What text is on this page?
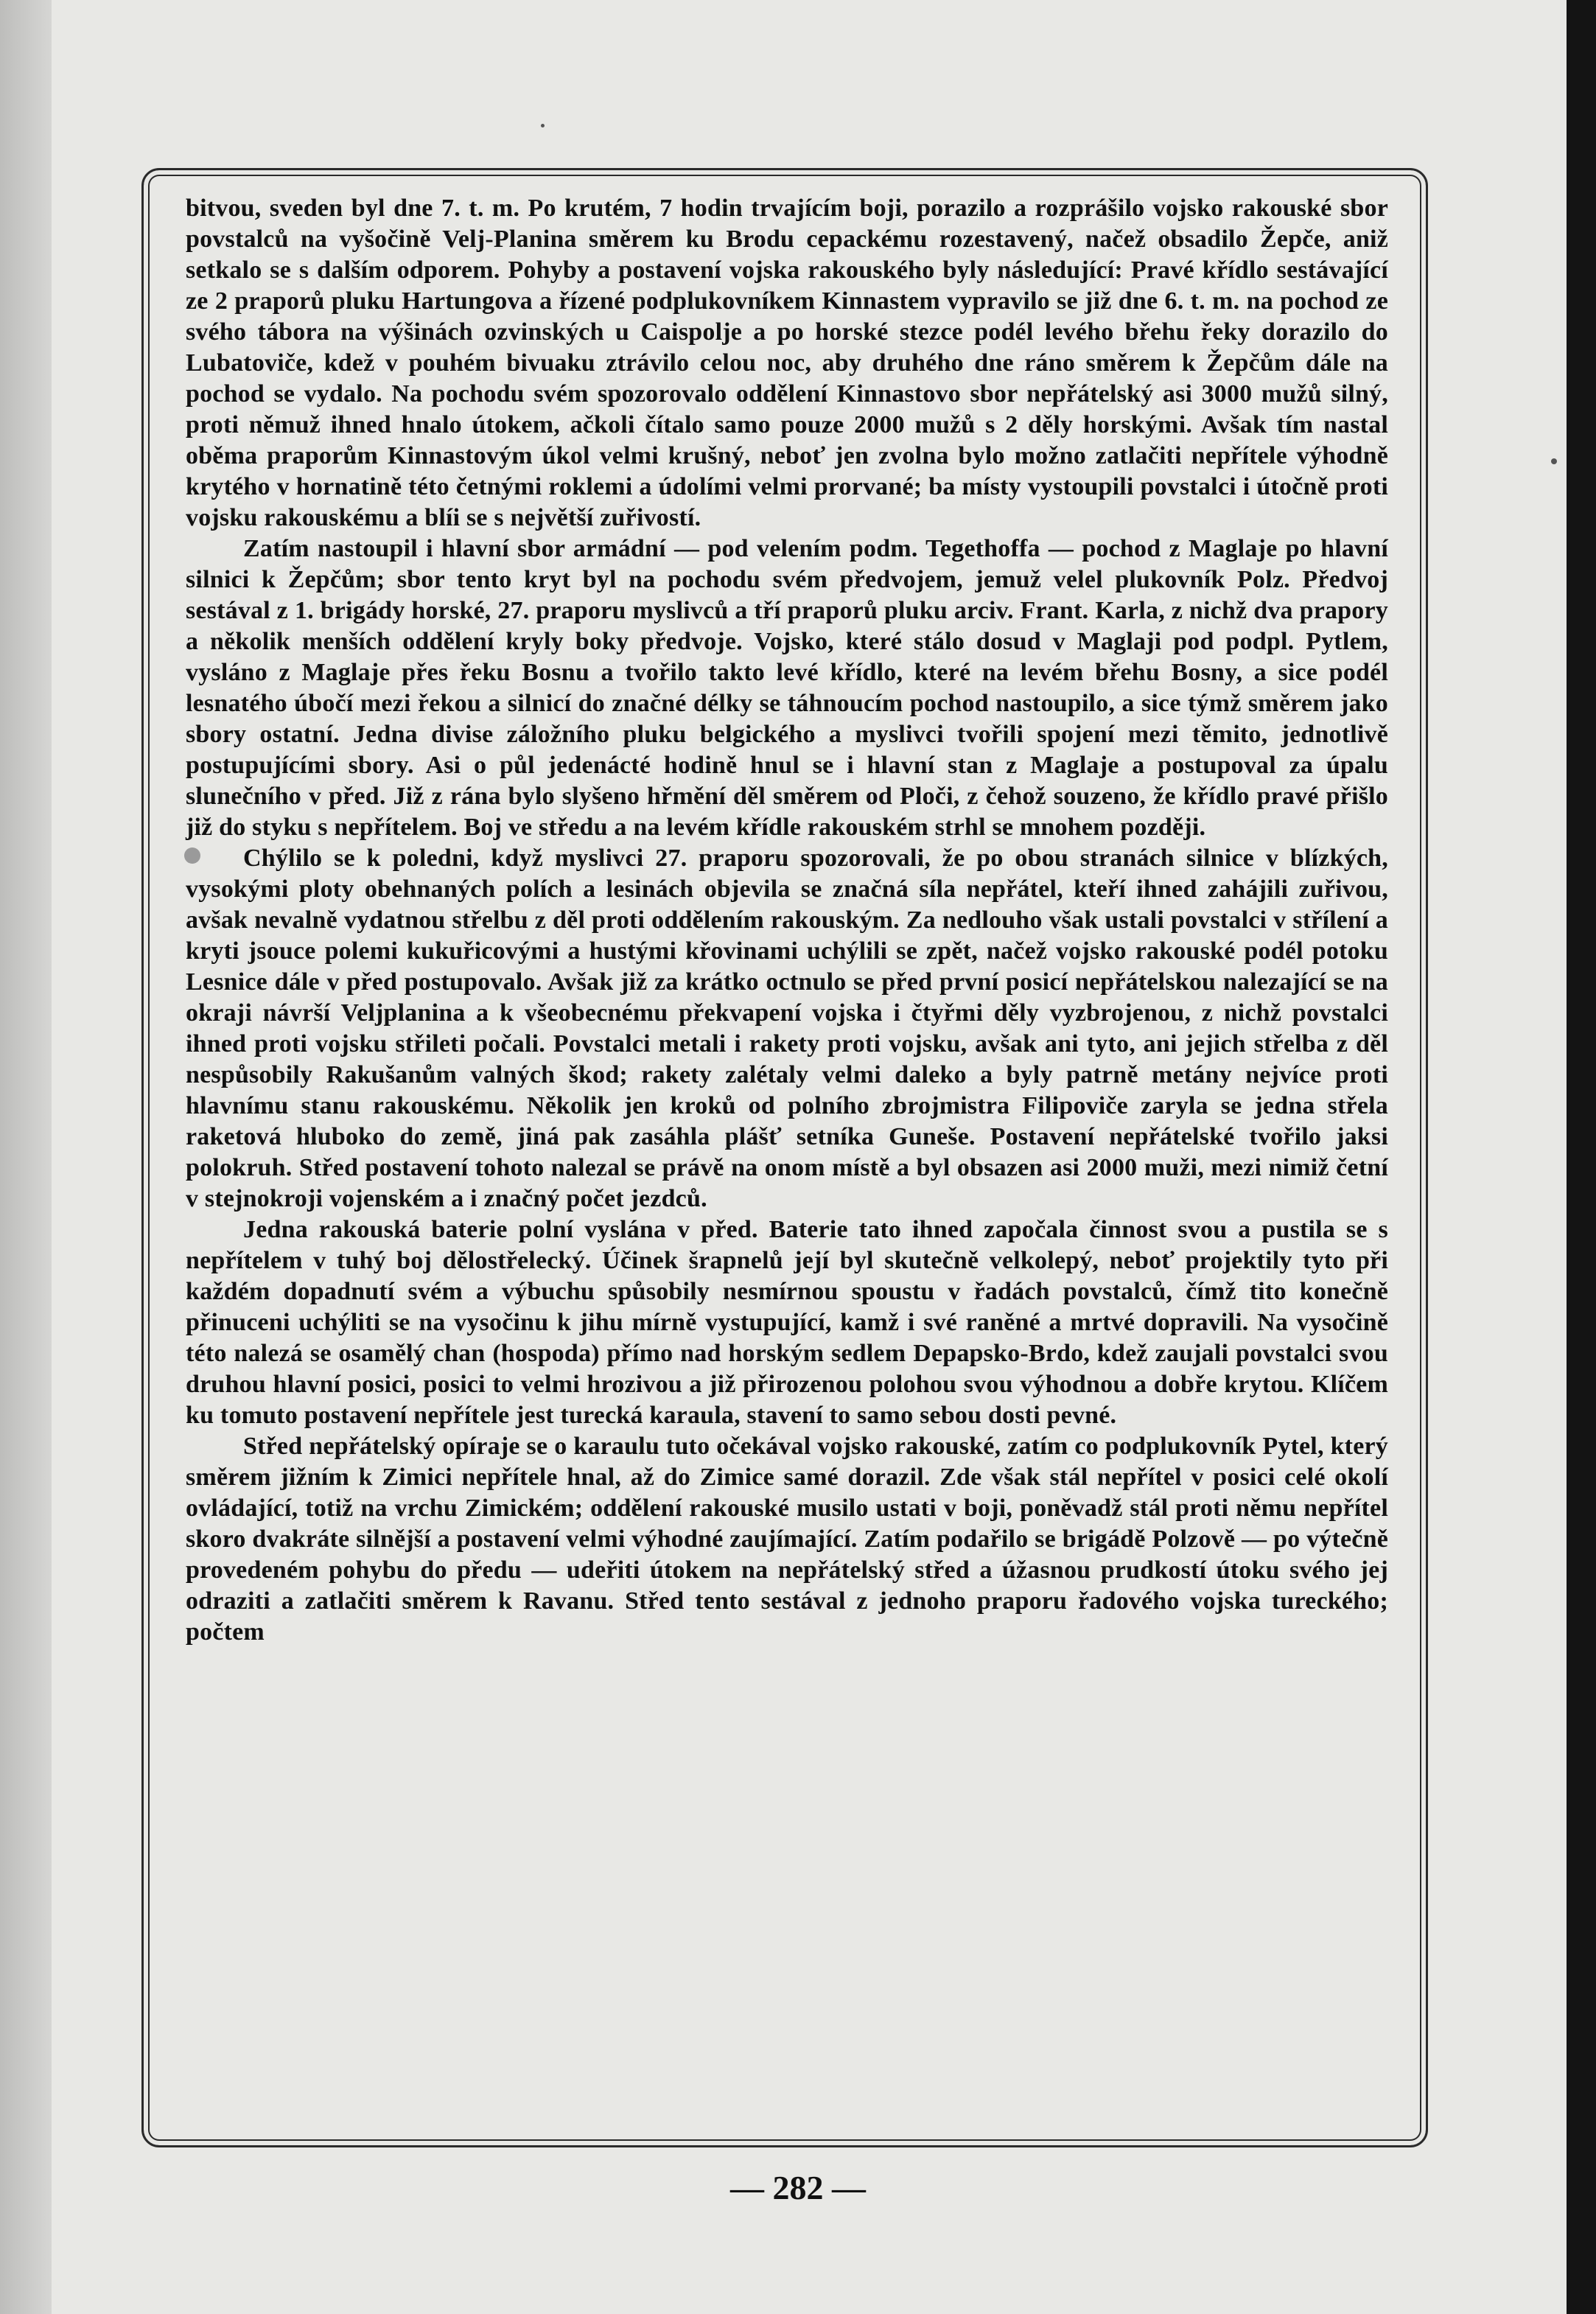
bitvou, sveden byl dne 7. t. m. Po krutém, 7 hodin trvajícím boji, porazilo a rozprášilo vojsko rakouské sbor povstalců na vyšočině Velj-Planina směrem ku Brodu cepackému rozestavený, načež obsadilo Žepče, aniž setkalo se s dalším odporem. Pohyby a postavení vojska rakouského byly následující: Pravé křídlo sestávající ze 2 praporů pluku Hartungova a řízené podplukovníkem Kinnastem vypravilo se již dne 6. t. m. na pochod ze svého tábora na výšinách ozvinských u Caispolje a po horské stezce podél levého břehu řeky dorazilo do Lubatoviče, kdež v pouhém bivuaku ztrávilo celou noc, aby druhého dne ráno směrem k Žepčům dále na pochod se vydalo. Na pochodu svém spozorovalo oddělení Kinnastovo sbor nepřátelský asi 3000 mužů silný, proti němuž ihned hnalo útokem, ačkoli čítalo samo pouze 2000 mužů s 2 děly horskými. Avšak tím nastal oběma praporům Kinnastovým úkol velmi krušný, neboť jen zvolna bylo možno zatlačiti nepřítele výhodně krytého v hornatině této četnými roklemi a údolími velmi prorvané; ba místy vystoupili povstalci i útočně proti vojsku rakouskému a blíi se s největší zuřivostí.

Zatím nastoupil i hlavní sbor armádní — pod velením podm. Tegethoffa — pochod z Maglaje po hlavní silnici k Žepčům; sbor tento kryt byl na pochodu svém předvojem, jemuž velel plukovník Polz. Předvoj sestával z 1. brigády horské, 27. praporu myslivců a tří praporů pluku arciv. Frant. Karla, z nichž dva prapory a několik menších oddělení kryly boky předvoje. Vojsko, které stálo dosud v Maglaji pod podpl. Pytlem, vysláno z Maglaje přes řeku Bosnu a tvořilo takto levé křídlo, které na levém břehu Bosny, a sice podél lesnatého úbočí mezi řekou a silnicí do značné délky se táhnoucím pochod nastoupilo, a sice týmž směrem jako sbory ostatní. Jedna divise záložního pluku belgického a myslivci tvořili spojení mezi těmito, jednotlivě postupujícími sbory. Asi o půl jedenácté hodině hnul se i hlavní stan z Maglaje a postupoval za úpalu slunečního v před. Již z rána bylo slyšeno hřmění děl směrem od Ploči, z čehož souzeno, že křídlo pravé přišlo již do styku s nepřítelem. Boj ve středu a na levém křídle rakouském strhl se mnohem později.

Chýlilo se k poledni, když myslivci 27. praporu spozorovali, že po obou stranách silnice v blízkých, vysokými ploty obehnaných polích a lesinách objevila se značná síla nepřátel, kteří ihned zahájili zuřivou, avšak nevalně vydatnou střelbu z děl proti oddělením rakouským. Za nedlouho však ustali povstalci v střílení a kryti jsouce polemi kukuřicovými a hustými křovinami uchýlili se zpět, načež vojsko rakouské podél potoku Lesnice dále v před postupovalo. Avšak již za krátko octnulo se před první posicí nepřátelskou nalezající se na okraji návrší Veljplanina a k všeobecnému překvapení vojska i čtyřmi děly vyzbrojenou, z nichž povstalci ihned proti vojsku střileti počali. Povstalci metali i rakety proti vojsku, avšak ani tyto, ani jejich střelba z děl nespůsobily Rakušanům valných škod; rakety zalétaly velmi daleko a byly patrně metány nejvíce proti hlavnímu stanu rakouskému. Několik jen kroků od polního zbrojmistra Filipoviče zaryla se jedna střela raketová hluboko do země, jiná pak zasáhla plášť setníka Guneše. Postavení nepřátelské tvořilo jaksi polokruh. Střed postavení tohoto nalezal se právě na onom místě a byl obsazen asi 2000 muži, mezi nimiž četní v stejnokroji vojenském a i značný počet jezdců.

Jedna rakouská baterie polní vyslána v před. Baterie tato ihned započala činnost svou a pustila se s nepřítelem v tuhý boj dělostřelecký. Účinek šrapnelů její byl skutečně velkolepý, neboť projektily tyto při každém dopadnutí svém a výbuchu spůsobily nesmírnou spoustu v řadách povstalců, čímž tito konečně přinuceni uchýliti se na vysočinu k jihu mírně vystupující, kamž i své raněné a mrtvé dopravili. Na vysočině této nalezá se osamělý chan (hospoda) přímo nad horským sedlem Depapsko-Brdo, kdež zaujali povstalci svou druhou hlavní posici, posici to velmi hrozivou a již přirozenou polohou svou výhodnou a dobře krytou. Klíčem ku tomuto postavení nepřítele jest turecká karaula, stavení to samo sebou dosti pevné.

Střed nepřátelský opíraje se o karaulu tuto očekával vojsko rakouské, zatím co podplukovník Pytel, který směrem jižním k Zimici nepřítele hnal, až do Zimice samé dorazil. Zde však stál nepřítel v posici celé okolí ovládající, totiž na vrchu Zimickém; oddělení rakouské musilo ustati v boji, poněvadž stál proti němu nepřítel skoro dvakráte silnější a postavení velmi výhodné zaujímající. Zatím podařilo se brigádě Polzově — po výtečně provedeném pohybu do předu — udeřiti útokem na nepřátelský střed a úžasnou prudkostí útoku svého jej odraziti a zatlačiti směrem k Ravanu. Střed tento sestával z jednoho praporu řadového vojska tureckého; počtem

— 282 —
